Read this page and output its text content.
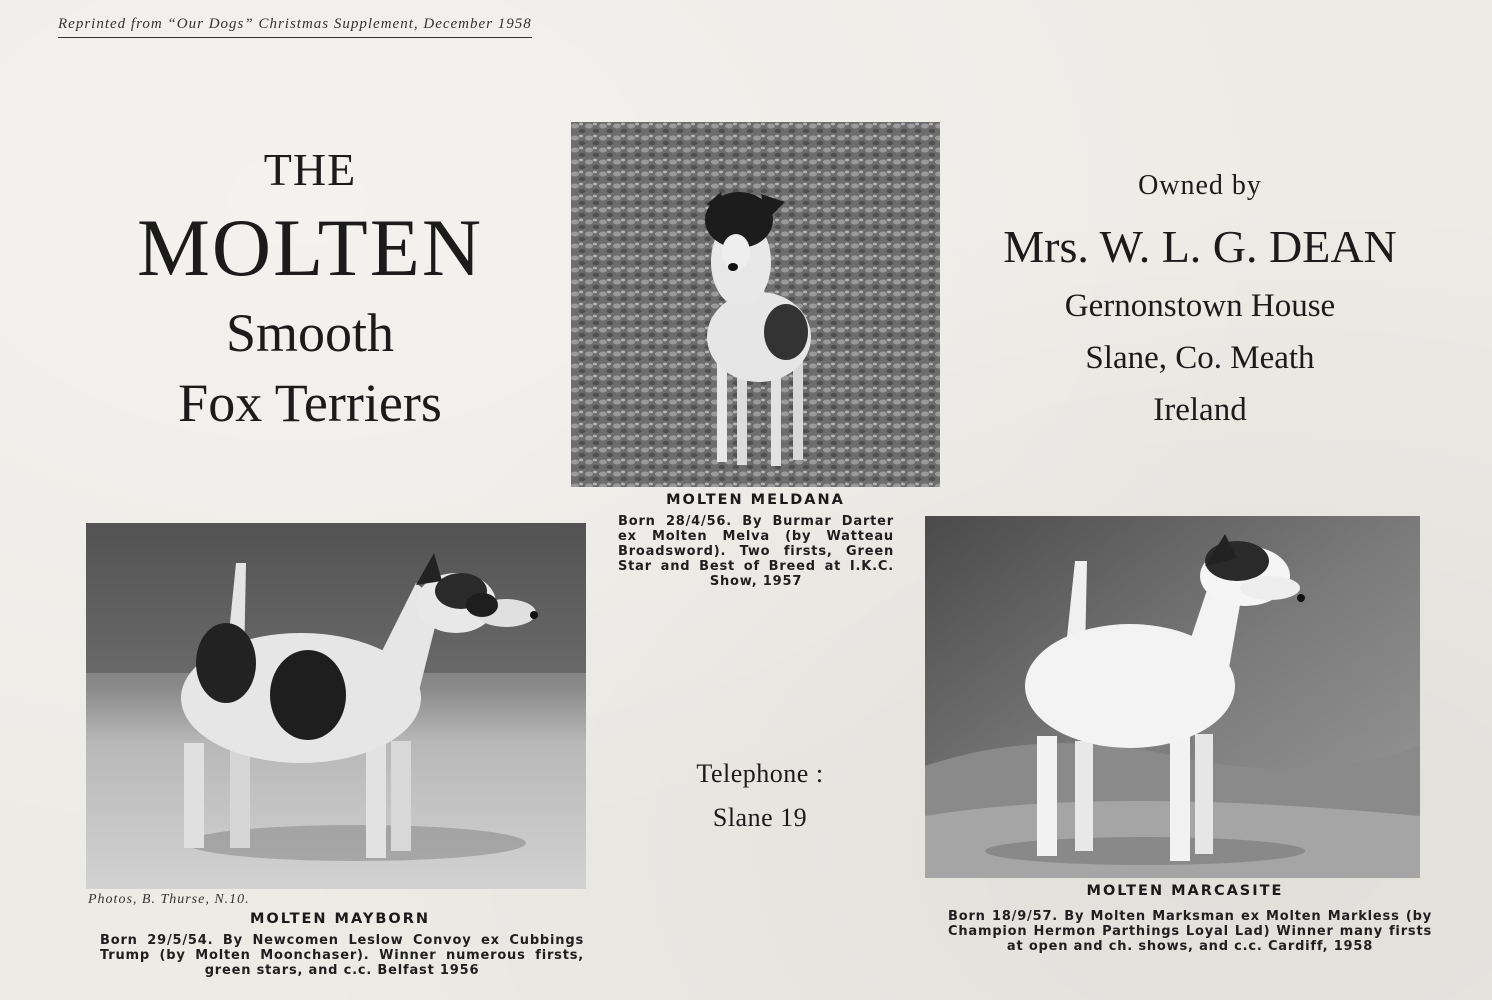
Reprinted from “Our Dogs” Christmas Supplement, December 1958
THE
MOLTEN
Smooth
Fox Terriers
Owned by
Mrs. W. L. G. DEAN
Gernonstown House
Slane, Co. Meath
Ireland
MOLTEN MELDANA
Born 28/4/56. By Burmar Darter ex Molten Melva (by Watteau Broadsword). Two firsts, Green Star and Best of Breed at I.K.C. Show, 1957
Photos, B. Thurse, N.10.
MOLTEN MAYBORN
Born 29/5/54. By Newcomen Leslow Convoy ex Cubbings Trump (by Molten Moonchaser). Winner numerous firsts, green stars, and c.c. Belfast 1956
Telephone :
Slane 19
MOLTEN MARCASITE
Born 18/9/57. By Molten Marksman ex Molten Markless (by Champion Hermon Parthings Loyal Lad) Winner many firsts at open and ch. shows, and c.c. Cardiff, 1958
